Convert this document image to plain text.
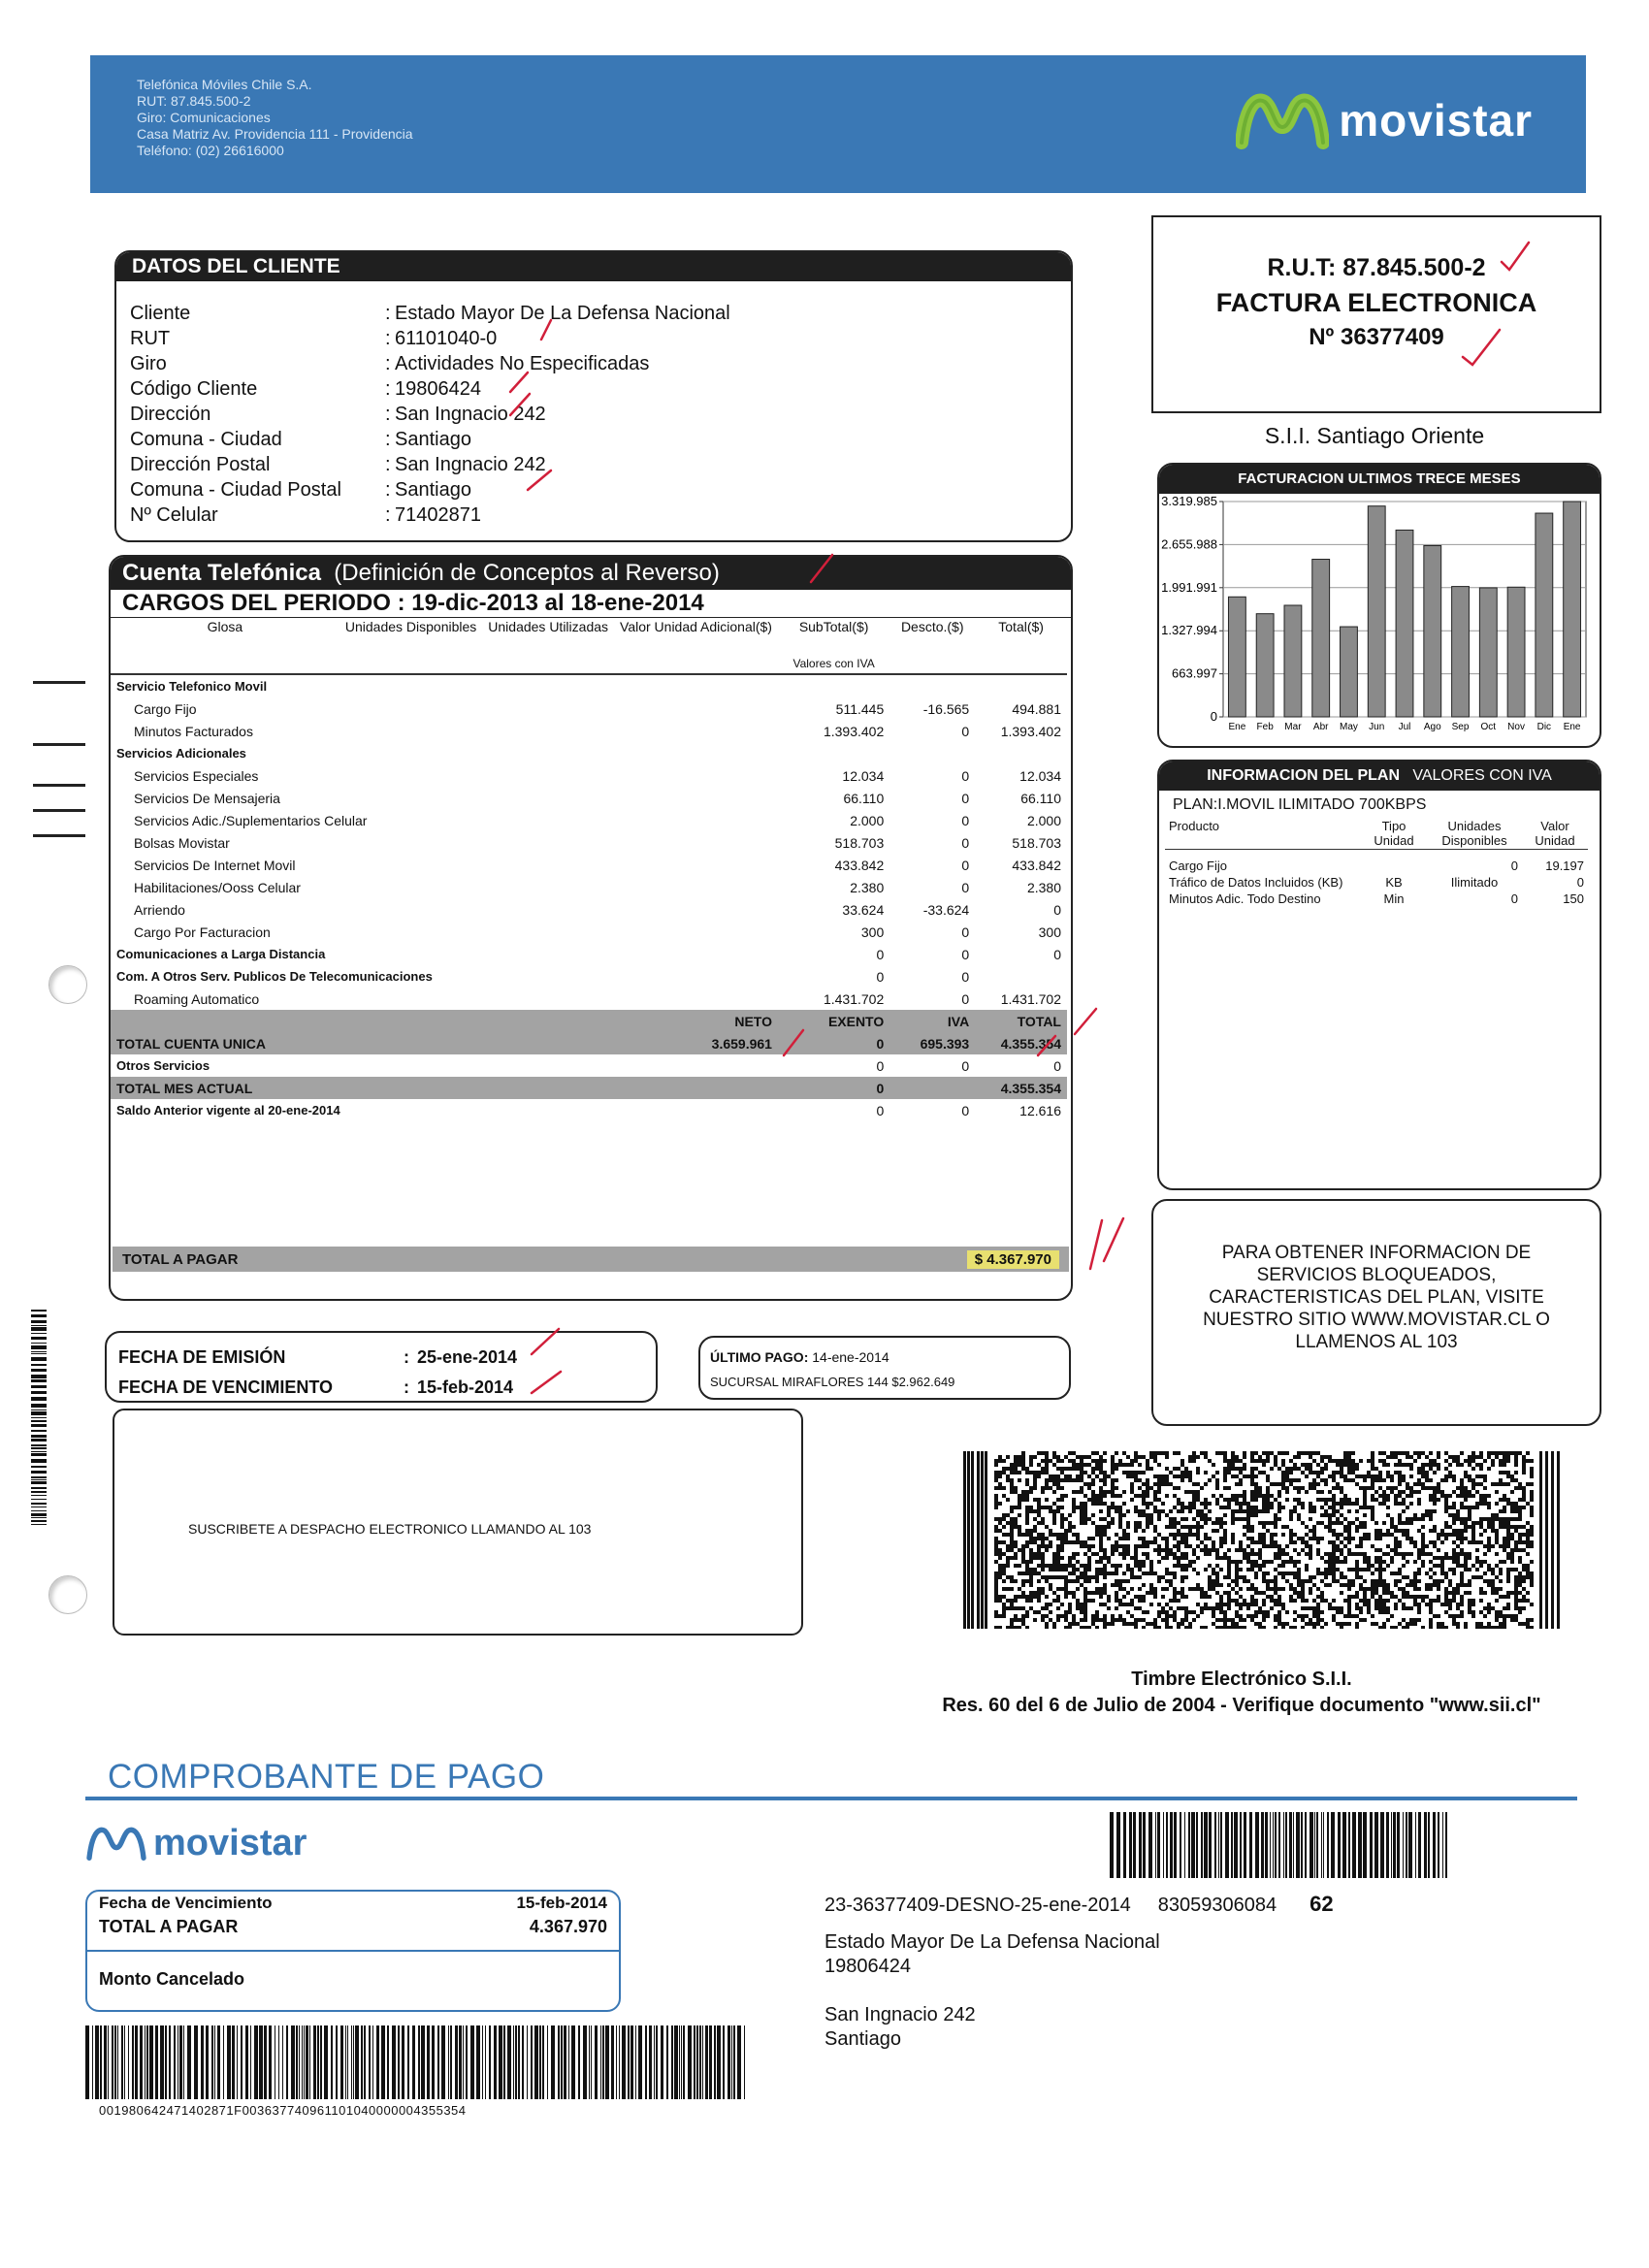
Telefónica Móviles Chile S.A.
RUT: 87.845.500-2
Giro: Comunicaciones
Casa Matriz Av. Providencia 111 - Providencia
Teléfono: (02) 26616000
movistar
DATOS DEL CLIENTE
Cliente	: Estado Mayor De La Defensa Nacional
RUT	: 61101040-0
Giro	: Actividades No Especificadas
Código Cliente	: 19806424
Dirección	: San Ingnacio 242
Comuna - Ciudad	: Santiago
Dirección Postal	: San Ingnacio 242
Comuna - Ciudad Postal	: Santiago
Nº Celular	: 71402871
R.U.T: 87.845.500-2
FACTURA ELECTRONICA
Nº 36377409
S.I.I. Santiago Oriente
FACTURACION ULTIMOS TRECE MESES
3.319.985
2.655.988
1.991.991
1.327.994
663.997
0
Ene Feb Mar Abr May Jun Jul Ago Sep Oct Nov Dic Ene
INFORMACION DEL PLAN VALORES CON IVA
PLAN:I.MOVIL ILIMITADO 700KBPS
Producto	Tipo Unidad	Unidades Disponibles	Valor Unidad

Cargo Fijo		0	19.197
Tráfico de Datos Incluidos (KB)	KB	Ilimitado	0
Minutos Adic. Todo Destino	Min	0	150
PARA OBTENER INFORMACION DE SERVICIOS BLOQUEADOS, CARACTERISTICAS DEL PLAN, VISITE NUESTRO SITIO WWW.MOVISTAR.CL O LLAMENOS AL 103
Cuenta Telefónica (Definición de Conceptos al Reverso)
CARGOS DEL PERIODO : 19-dic-2013 al 18-ene-2014
Glosa	Unidades Disponibles	Unidades Utilizadas	Valor Unidad Adicional($)	SubTotal($)	Descto.($)	Total($)
				Valores con IVA		
Servicio Telefonico Movil						
Cargo Fijo				511.445	-16.565	494.881
Minutos Facturados				1.393.402	0	1.393.402
Servicios Adicionales						
Servicios Especiales				12.034	0	12.034
Servicios De Mensajeria				66.110	0	66.110
Servicios Adic./Suplementarios Celular				2.000	0	2.000
Bolsas Movistar				518.703	0	518.703
Servicios De Internet Movil				433.842	0	433.842
Habilitaciones/Ooss Celular				2.380	0	2.380
Arriendo				33.624	-33.624	0
Cargo Por Facturacion				300	0	300
Comunicaciones a Larga Distancia				0	0	0
Com. A Otros Serv. Publicos De Telecomunicaciones				0	0	
Roaming Automatico				1.431.702	0	1.431.702
			NETO	EXENTO	IVA	TOTAL
TOTAL CUENTA UNICA			3.659.961	0	695.393	4.355.354
Otros Servicios				0	0	0
TOTAL MES ACTUAL				0		4.355.354
Saldo Anterior vigente al 20-ene-2014				0	0	12.616
TOTAL A PAGAR	$ 4.367.970
FECHA DE EMISIÓN	: 25-ene-2014
FECHA DE VENCIMIENTO	: 15-feb-2014
ÚLTIMO PAGO: 14-ene-2014
SUCURSAL MIRAFLORES 144 $2.962.649
SUSCRIBETE A DESPACHO ELECTRONICO LLAMANDO AL 103
Timbre Electrónico S.I.I.
Res. 60 del 6 de Julio de 2004 - Verifique documento "www.sii.cl"
COMPROBANTE DE PAGO
movistar
Fecha de Vencimiento	15-feb-2014
TOTAL A PAGAR	4.367.970
Monto Cancelado
001980642471402871F003637740961101040000004355354
23-36377409-DESNO-25-ene-2014 83059306084 62
Estado Mayor De La Defensa Nacional
19806424
San Ingnacio 242
Santiago
